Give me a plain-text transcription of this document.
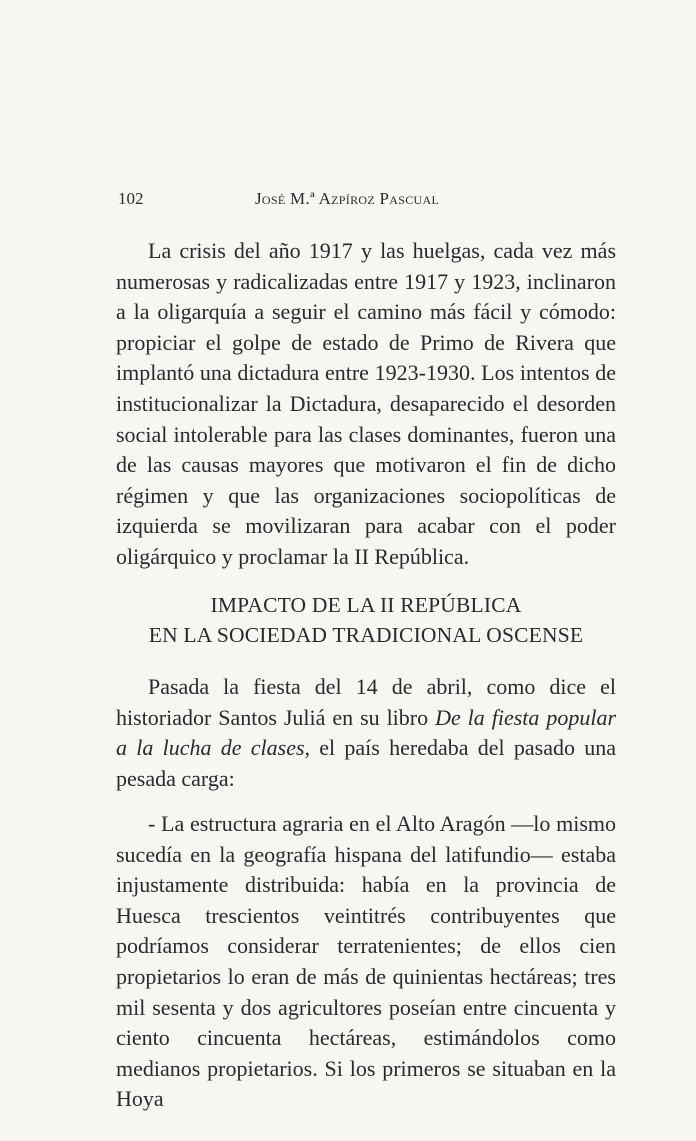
102	José M.ª Azpíroz Pascual

La crisis del año 1917 y las huelgas, cada vez más numerosas y radicalizadas entre 1917 y 1923, inclinaron a la oligarquía a seguir el camino más fácil y cómodo: propiciar el golpe de estado de Primo de Rivera que implantó una dictadura entre 1923-1930. Los intentos de institucionalizar la Dictadura, desaparecido el desorden social intolerable para las clases dominantes, fueron una de las causas mayores que motivaron el fin de dicho régimen y que las organizaciones sociopolíticas de izquierda se movilizaran para acabar con el poder oligárquico y proclamar la II República.

IMPACTO DE LA II REPÚBLICA
EN LA SOCIEDAD TRADICIONAL OSCENSE

Pasada la fiesta del 14 de abril, como dice el historiador Santos Juliá en su libro De la fiesta popular a la lucha de clases, el país heredaba del pasado una pesada carga:

- La estructura agraria en el Alto Aragón —lo mismo sucedía en la geografía hispana del latifundio— estaba injustamente distribuida: había en la provincia de Huesca trescientos veintitrés contribuyentes que podríamos considerar terratenientes; de ellos cien propietarios lo eran de más de quinientas hectáreas; tres mil sesenta y dos agricultores poseían entre cincuenta y ciento cincuenta hectáreas, estimándolos como medianos propietarios. Si los primeros se situaban en la Hoya
